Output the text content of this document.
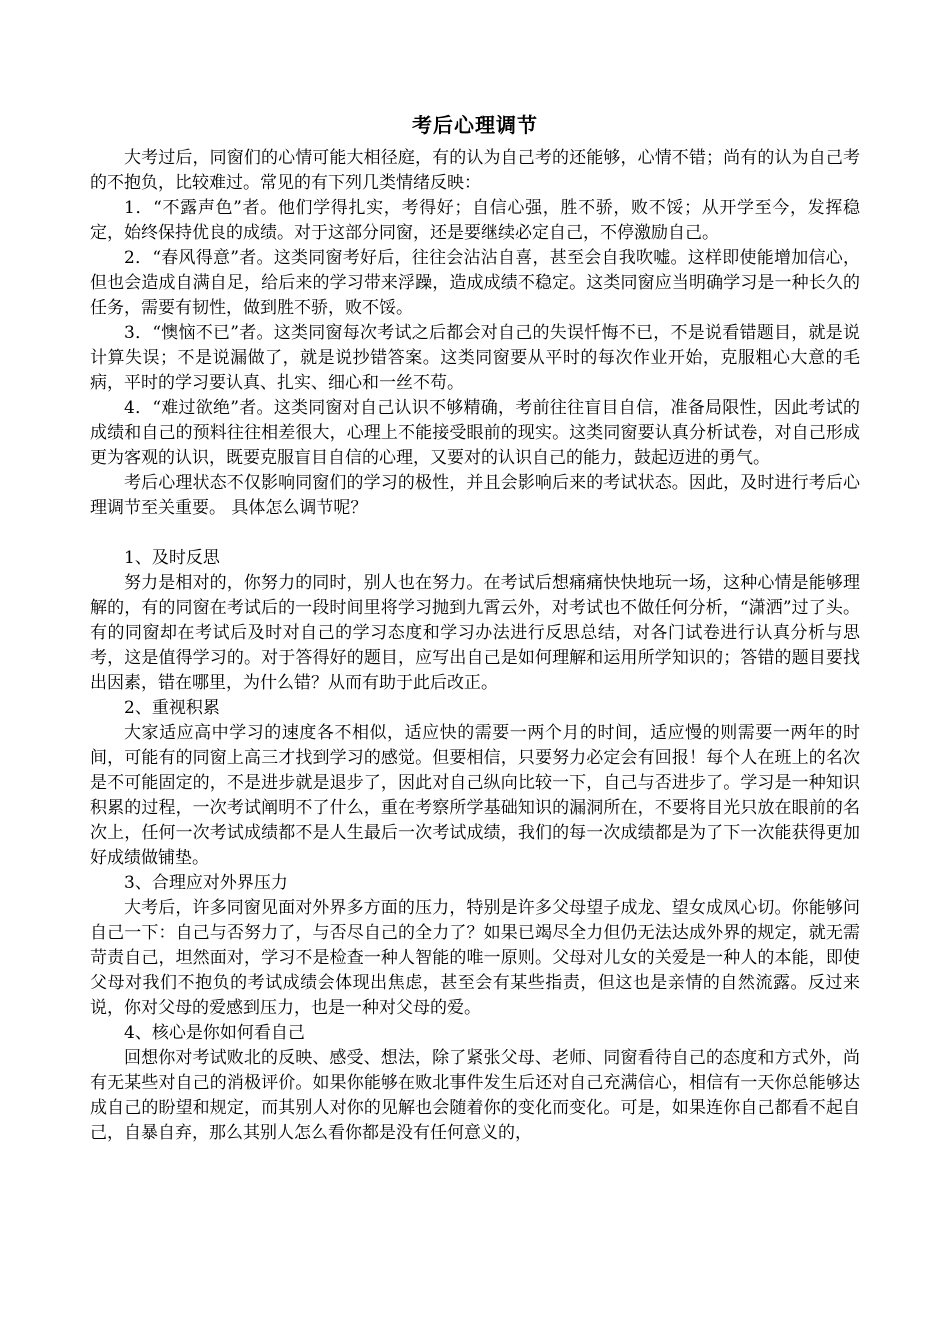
考后心理调节

大考过后，同窗们的心情可能大相径庭，有的认为自己考的还能够，心情不错；尚有的认为自己考的不抱负，比较难过。常见的有下列几类情绪反映：

1．“不露声色”者。他们学得扎实，考得好；自信心强，胜不骄，败不馁；从开学至今，发挥稳定，始终保持优良的成绩。对于这部分同窗，还是要继续必定自己，不停激励自己。

2．“春风得意”者。这类同窗考好后，往往会沾沾自喜，甚至会自我吹嘘。这样即使能增加信心，但也会造成自满自足，给后来的学习带来浮躁，造成成绩不稳定。这类同窗应当明确学习是一种长久的任务，需要有韧性，做到胜不骄，败不馁。

3．“懊恼不已”者。这类同窗每次考试之后都会对自己的失误忏悔不已，不是说看错题目，就是说计算失误；不是说漏做了，就是说抄错答案。这类同窗要从平时的每次作业开始，克服粗心大意的毛病，平时的学习要认真、扎实、细心和一丝不苟。

4．“难过欲绝”者。这类同窗对自己认识不够精确，考前往往盲目自信，准备局限性，因此考试的成绩和自己的预料往往相差很大，心理上不能接受眼前的现实。这类同窗要认真分析试卷，对自己形成更为客观的认识，既要克服盲目自信的心理，又要对的认识自己的能力，鼓起迈进的勇气。

考后心理状态不仅影响同窗们的学习的极性，并且会影响后来的考试状态。因此，及时进行考后心理调节至关重要。 具体怎么调节呢？

1、及时反思

努力是相对的，你努力的同时，别人也在努力。在考试后想痛痛快快地玩一场，这种心情是能够理解的，有的同窗在考试后的一段时间里将学习抛到九霄云外，对考试也不做任何分析，“潇洒”过了头。有的同窗却在考试后及时对自己的学习态度和学习办法进行反思总结，对各门试卷进行认真分析与思考，这是值得学习的。对于答得好的题目，应写出自己是如何理解和运用所学知识的；答错的题目要找出因素，错在哪里，为什么错？从而有助于此后改正。

2、重视积累

大家适应高中学习的速度各不相似，适应快的需要一两个月的时间，适应慢的则需要一两年的时间，可能有的同窗上高三才找到学习的感觉。但要相信，只要努力必定会有回报！每个人在班上的名次是不可能固定的，不是进步就是退步了，因此对自己纵向比较一下，自己与否进步了。学习是一种知识积累的过程，一次考试阐明不了什么，重在考察所学基础知识的漏洞所在，不要将目光只放在眼前的名次上，任何一次考试成绩都不是人生最后一次考试成绩，我们的每一次成绩都是为了下一次能获得更加好成绩做铺垫。

3、合理应对外界压力

大考后，许多同窗见面对外界多方面的压力，特别是许多父母望子成龙、望女成凤心切。你能够问自己一下：自己与否努力了，与否尽自己的全力了？如果已竭尽全力但仍无法达成外界的规定，就无需苛责自己，坦然面对，学习不是检查一种人智能的唯一原则。父母对儿女的关爱是一种人的本能，即使父母对我们不抱负的考试成绩会体现出焦虑，甚至会有某些指责，但这也是亲情的自然流露。反过来说，你对父母的爱感到压力，也是一种对父母的爱。

4、核心是你如何看自己

回想你对考试败北的反映、感受、想法，除了紧张父母、老师、同窗看待自己的态度和方式外，尚有无某些对自己的消极评价。如果你能够在败北事件发生后还对自己充满信心，相信有一天你总能够达成自己的盼望和规定，而其别人对你的见解也会随着你的变化而变化。可是，如果连你自己都看不起自己，自暴自弃，那么其别人怎么看你都是没有任何意义的，
